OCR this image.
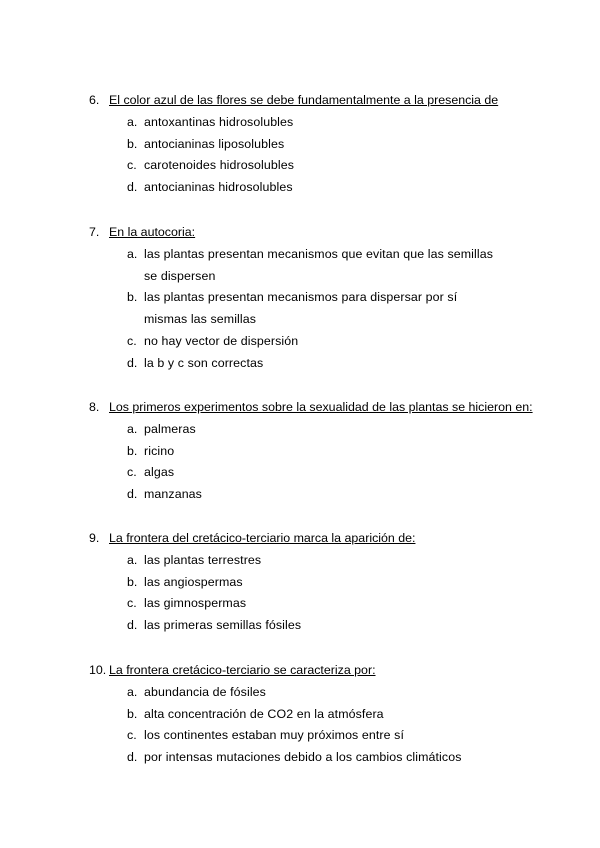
6. El color azul de las flores se debe fundamentalmente a la presencia de
a. antoxantinas hidrosolubles
b. antocianinas liposolubles
c. carotenoides hidrosolubles
d. antocianinas hidrosolubles
7. En la autocoria:
a. las plantas presentan mecanismos que evitan que las semillas se dispersen
b. las plantas presentan mecanismos para dispersar por sí mismas las semillas
c. no hay vector de dispersión
d. la b y c son correctas
8. Los primeros experimentos sobre la sexualidad de las plantas se hicieron en:
a. palmeras
b. ricino
c. algas
d. manzanas
9. La frontera del cretácico-terciario marca la aparición de:
a. las plantas terrestres
b. las angiospermas
c. las gimnospermas
d. las primeras semillas fósiles
10. La frontera cretácico-terciario se caracteriza por:
a. abundancia de fósiles
b. alta concentración de CO2 en la atmósfera
c. los continentes estaban muy próximos entre sí
d. por intensas mutaciones debido a los cambios climáticos
